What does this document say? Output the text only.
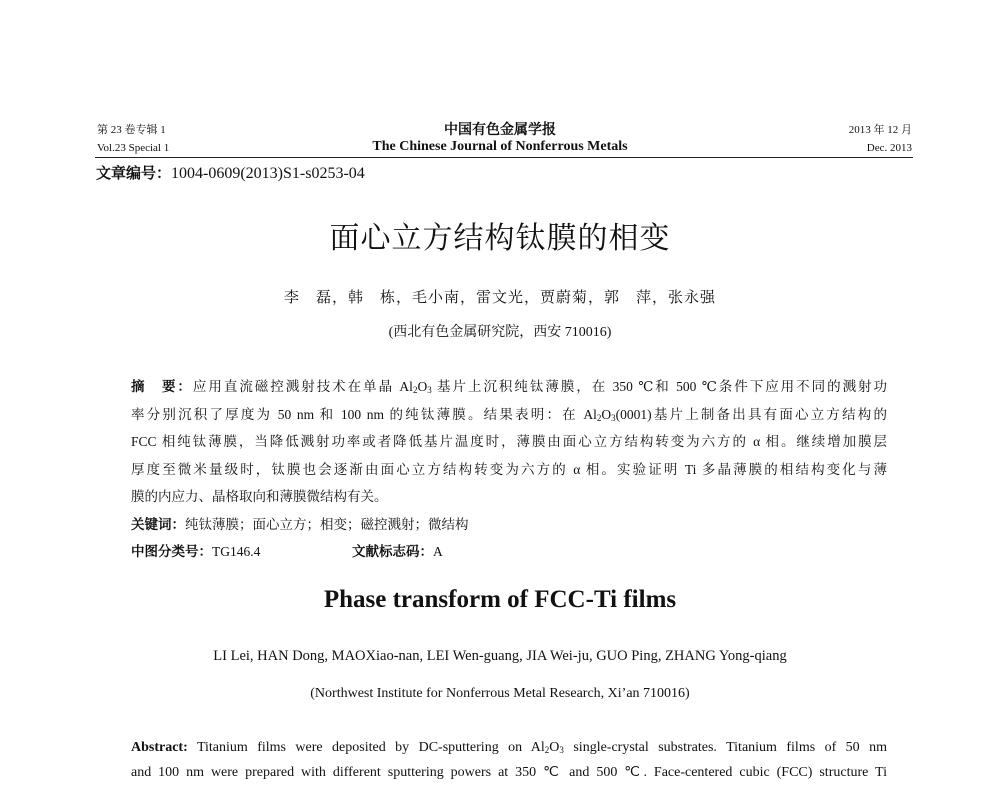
第 23 卷专辑 1
Vol.23 Special 1
中国有色金属学报
The Chinese Journal of Nonferrous Metals
2013 年 12 月
Dec. 2013
文章编号：1004-0609(2013)S1-s0253-04
面心立方结构钛膜的相变
李　磊，韩　栋，毛小南，雷文光，贾蔚菊，郭　萍，张永强
(西北有色金属研究院，西安 710016)
摘　要：应用直流磁控溅射技术在单晶 $Al_2O_3$ 基片上沉积纯钛薄膜，在 350 ℃和 500 ℃条件下应用不同的溅射功
率分别沉积了厚度为 50 nm 和 100 nm 的纯钛薄膜。结果表明：在 $Al_2O_3(0001)$基片上制备出具有面心立方结构的
FCC 相纯钛薄膜，当降低溅射功率或者降低基片温度时，薄膜由面心立方结构转变为六方的 α 相。继续增加膜层
厚度至微米量级时，钛膜也会逐渐由面心立方结构转变为六方的 α 相。实验证明 Ti 多晶薄膜的相结构变化与薄
膜的内应力、晶格取向和薄膜微结构有关。
关键词：纯钛薄膜；面心立方；相变；磁控溅射；微结构
中图分类号：TG146.4	文献标志码：A
Phase transform of FCC-Ti films
LI Lei, HAN Dong, MAOXiao-nan, LEI Wen-guang, JIA Wei-ju, GUO Ping, ZHANG Yong-qiang
(Northwest Institute for Nonferrous Metal Research, Xi’an 710016)
Abstract: Titanium films were deposited by DC-sputtering on $Al_2O_3$ single-crystal substrates. Titanium films of 50 nm
and 100 nm were prepared with different sputtering powers at 350 ℃ and 500 ℃. Face-centered cubic (FCC) structure Ti
